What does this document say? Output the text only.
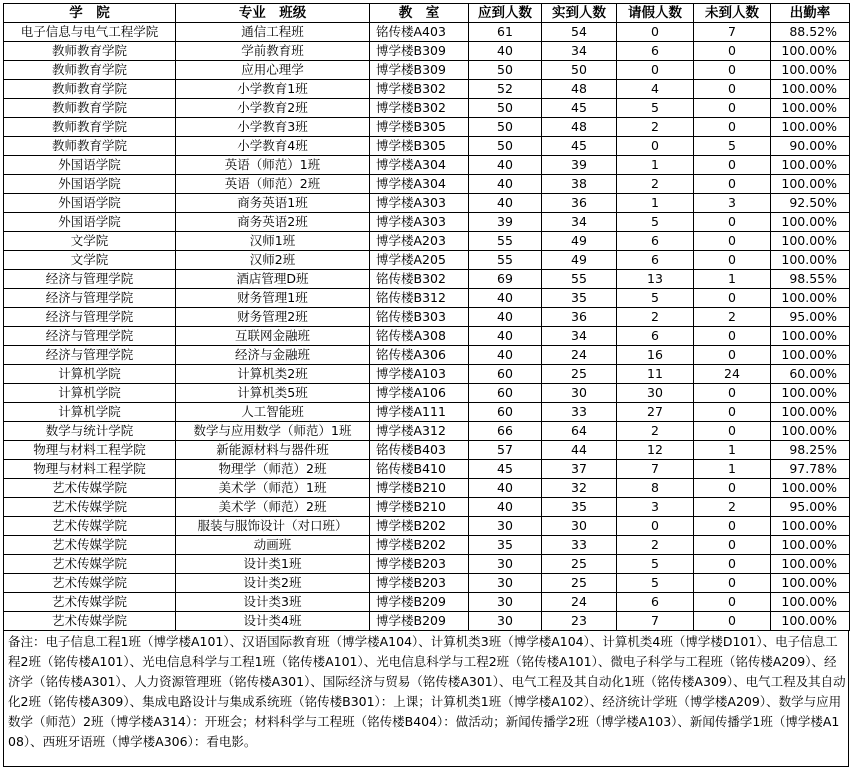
学　院	专业　班级	教　室	应到人数	实到人数	请假人数	未到人数	出勤率
电子信息与电气工程学院	通信工程班	铭传楼A403	61	54	0	7	88.52%
教师教育学院	学前教育班	博学楼B309	40	34	6	0	100.00%
教师教育学院	应用心理学	博学楼B309	50	50	0	0	100.00%
教师教育学院	小学教育1班	博学楼B302	52	48	4	0	100.00%
教师教育学院	小学教育2班	博学楼B302	50	45	5	0	100.00%
教师教育学院	小学教育3班	博学楼B305	50	48	2	0	100.00%
教师教育学院	小学教育4班	博学楼B305	50	45	0	5	90.00%
外国语学院	英语（师范）1班	博学楼A304	40	39	1	0	100.00%
外国语学院	英语（师范）2班	博学楼A304	40	38	2	0	100.00%
外国语学院	商务英语1班	博学楼A303	40	36	1	3	92.50%
外国语学院	商务英语2班	博学楼A303	39	34	5	0	100.00%
文学院	汉师1班	博学楼A203	55	49	6	0	100.00%
文学院	汉师2班	博学楼A205	55	49	6	0	100.00%
经济与管理学院	酒店管理D班	铭传楼B302	69	55	13	1	98.55%
经济与管理学院	财务管理1班	铭传楼B312	40	35	5	0	100.00%
经济与管理学院	财务管理2班	铭传楼B303	40	36	2	2	95.00%
经济与管理学院	互联网金融班	铭传楼A308	40	34	6	0	100.00%
经济与管理学院	经济与金融班	铭传楼A306	40	24	16	0	100.00%
计算机学院	计算机类2班	博学楼A103	60	25	11	24	60.00%
计算机学院	计算机类5班	博学楼A106	60	30	30	0	100.00%
计算机学院	人工智能班	博学楼A111	60	33	27	0	100.00%
数学与统计学院	数学与应用数学（师范）1班	博学楼A312	66	64	2	0	100.00%
物理与材料工程学院	新能源材料与器件班	铭传楼B403	57	44	12	1	98.25%
物理与材料工程学院	物理学（师范）2班	铭传楼B410	45	37	7	1	97.78%
艺术传媒学院	美术学（师范）1班	博学楼B210	40	32	8	0	100.00%
艺术传媒学院	美术学（师范）2班	博学楼B210	40	35	3	2	95.00%
艺术传媒学院	服装与服饰设计（对口班）	博学楼B202	30	30	0	0	100.00%
艺术传媒学院	动画班	博学楼B202	35	33	2	0	100.00%
艺术传媒学院	设计类1班	博学楼B203	30	25	5	0	100.00%
艺术传媒学院	设计类2班	博学楼B203	30	25	5	0	100.00%
艺术传媒学院	设计类3班	博学楼B209	30	24	6	0	100.00%
艺术传媒学院	设计类4班	博学楼B209	30	23	7	0	100.00%
备注：电子信息工程1班（博学楼A101）、汉语国际教育班（博学楼A104）、计算机类3班（博学楼A104）、计算机类4班（博学楼D101）、电子信息工程2班（铭传楼A101）、光电信息科学与工程1班（铭传楼A101）、光电信息科学与工程2班（铭传楼A101）、微电子科学与工程班（铭传楼A209）、经济学（铭传楼A301）、人力资源管理班（铭传楼A301）、国际经济与贸易（铭传楼A301）、电气工程及其自动化1班（铭传楼A309）、电气工程及其自动化2班（铭传楼A309）、集成电路设计与集成系统班（铭传楼B301）：上课；计算机类1班（博学楼A102）、经济统计学班（博学楼A209）、数学与应用数学（师范）2班（博学楼A314）：开班会；材料科学与工程班（铭传楼B404）：做活动；新闻传播学2班（博学楼A103）、新闻传播学1班（博学楼A108）、西班牙语班（博学楼A306）：看电影。
